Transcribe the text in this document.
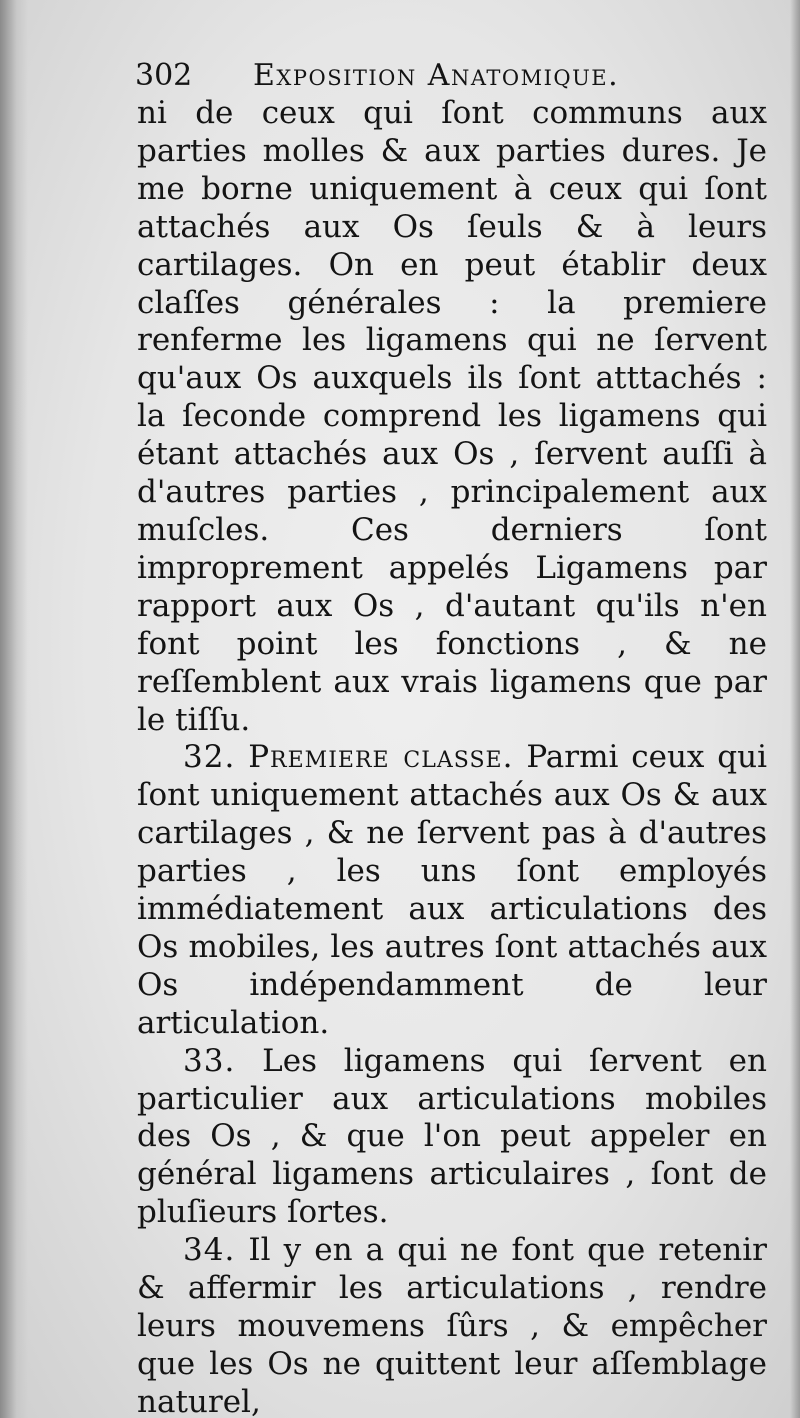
302 Exposition Anatomique.

ni de ceux qui ſont communs aux parties molles & aux parties dures. Je me borne uniquement à ceux qui ſont attachés aux Os ſeuls & à leurs cartilages. On en peut établir deux claſſes générales : la premiere renferme les ligamens qui ne ſervent qu'aux Os auxquels ils ſont atttachés : la ſeconde comprend les ligamens qui étant attachés aux Os , ſervent auſſi à d'autres parties , principalement aux muſcles. Ces derniers ſont improprement appelés Ligamens par rapport aux Os , d'autant qu'ils n'en font point les fonctions , & ne reſſemblent aux vrais ligamens que par le tiſſu.

32. Premiere classe. Parmi ceux qui ſont uniquement attachés aux Os & aux cartilages , & ne ſervent pas à d'autres parties , les uns ſont employés immédiatement aux articulations des Os mobiles, les autres ſont attachés aux Os indépendamment de leur articulation.

33. Les ligamens qui ſervent en particulier aux articulations mobiles des Os , & que l'on peut appeler en général ligamens articulaires , ſont de pluſieurs ſortes.

34. Il y en a qui ne font que retenir & affermir les articulations , rendre leurs mouvemens ſûrs , & empêcher que les Os ne quittent leur aſſemblage naturel,
